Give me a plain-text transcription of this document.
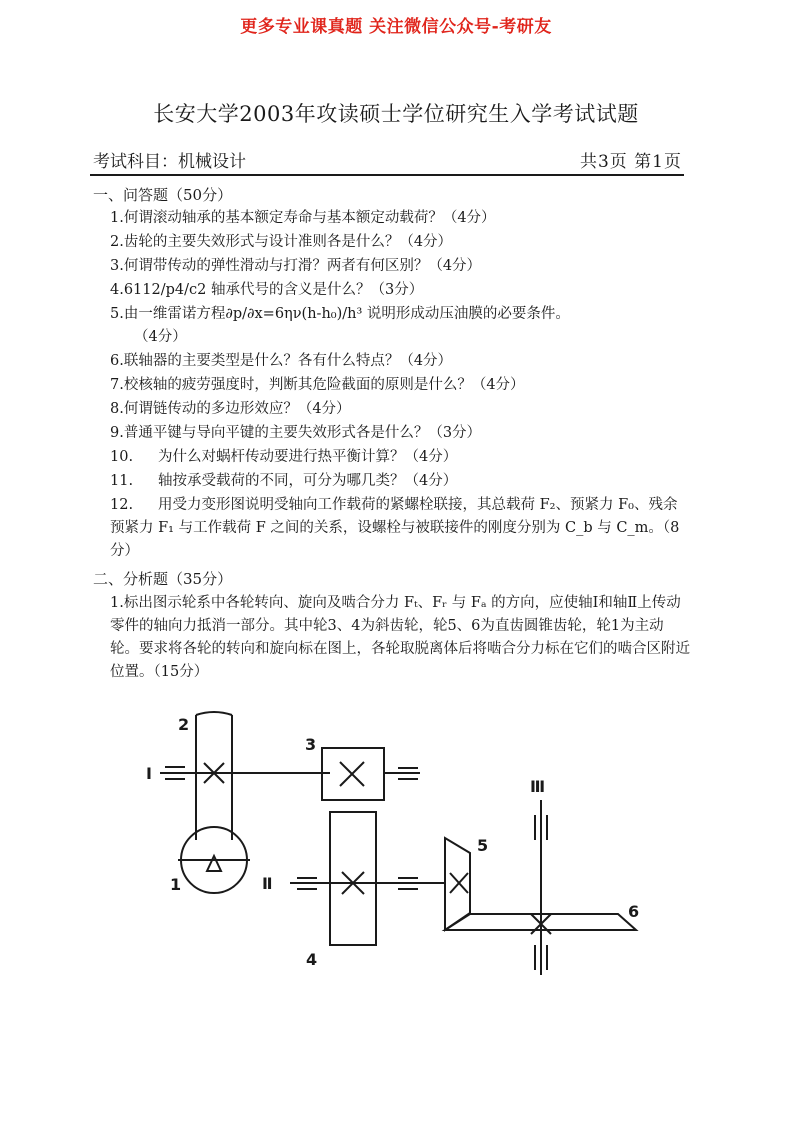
更多专业课真题 关注微信公众号-考研友
长安大学2003年攻读硕士学位研究生入学考试试题
考试科目：机械设计	共3页 第1页
一、问答题（50分）
1.何谓滚动轴承的基本额定寿命与基本额定动载荷？（4分）
2.齿轮的主要失效形式与设计准则各是什么？（4分）
3.何谓带传动的弹性滑动与打滑？两者有何区别？（4分）
4.6112/p4/c2 轴承代号的含义是什么？（3分）
5.由一维雷诺方程∂p/∂x=6ην(h-h₀)/h³ 说明形成动压油膜的必要条件。
（4分）
6.联轴器的主要类型是什么？各有什么特点？（4分）
7.校核轴的疲劳强度时，判断其危险截面的原则是什么？（4分）
8.何谓链传动的多边形效应？（4分）
9.普通平键与导向平键的主要失效形式各是什么？（3分）
10. 为什么对蜗杆传动要进行热平衡计算？（4分）
11. 轴按承受载荷的不同，可分为哪几类？（4分）
12. 用受力变形图说明受轴向工作载荷的紧螺栓联接，其总载荷 F₂、预紧力 F₀、残余预紧力 F₁ 与工作载荷 F 之间的关系，设螺栓与被联接件的刚度分别为 C_b 与 C_m。（8分）
二、分析题（35分）
1.标出图示轮系中各轮转向、旋向及啮合分力 Fₜ、Fᵣ 与 Fₐ 的方向，应使轴Ⅰ和轴Ⅱ上传动零件的轴向力抵消一部分。其中轮3、4为斜齿轮，轮5、6为直齿圆锥齿轮，轮1为主动轮。要求将各轮的转向和旋向标在图上，各轮取脱离体后将啮合分力标在它们的啮合区附近位置。（15分）
2
1
3
4
5
6
Ⅰ
Ⅱ
Ⅲ
